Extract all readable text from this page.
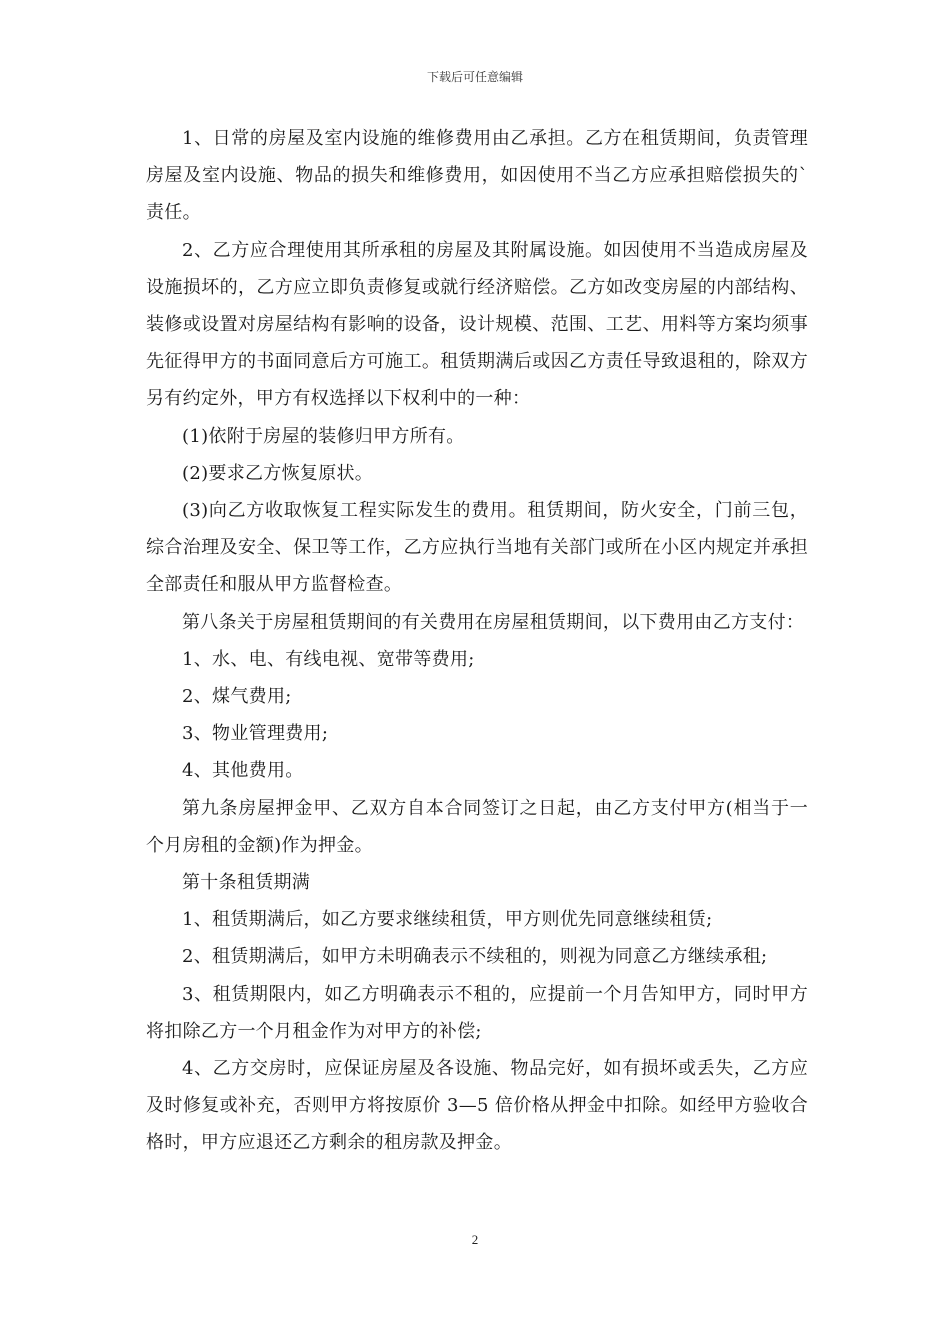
下载后可任意编辑

1、日常的房屋及室内设施的维修费用由乙承担。乙方在租赁期间，负责管理房屋及室内设施、物品的损失和维修费用，如因使用不当乙方应承担赔偿损失的`责任。

2、乙方应合理使用其所承租的房屋及其附属设施。如因使用不当造成房屋及设施损坏的，乙方应立即负责修复或就行经济赔偿。乙方如改变房屋的内部结构、装修或设置对房屋结构有影响的设备，设计规模、范围、工艺、用料等方案均须事先征得甲方的书面同意后方可施工。租赁期满后或因乙方责任导致退租的，除双方另有约定外，甲方有权选择以下权利中的一种：

(1)依附于房屋的装修归甲方所有。

(2)要求乙方恢复原状。

(3)向乙方收取恢复工程实际发生的费用。租赁期间，防火安全，门前三包，综合治理及安全、保卫等工作，乙方应执行当地有关部门或所在小区内规定并承担全部责任和服从甲方监督检查。

第八条关于房屋租赁期间的有关费用在房屋租赁期间，以下费用由乙方支付：

1、水、电、有线电视、宽带等费用;

2、煤气费用;

3、物业管理费用;

4、其他费用。

第九条房屋押金甲、乙双方自本合同签订之日起，由乙方支付甲方(相当于一个月房租的金额)作为押金。

第十条租赁期满

1、租赁期满后，如乙方要求继续租赁，甲方则优先同意继续租赁;

2、租赁期满后，如甲方未明确表示不续租的，则视为同意乙方继续承租;

3、租赁期限内，如乙方明确表示不租的，应提前一个月告知甲方，同时甲方将扣除乙方一个月租金作为对甲方的补偿;

4、乙方交房时，应保证房屋及各设施、物品完好，如有损坏或丢失，乙方应及时修复或补充，否则甲方将按原价 3—5 倍价格从押金中扣除。如经甲方验收合格时，甲方应退还乙方剩余的租房款及押金。

2
